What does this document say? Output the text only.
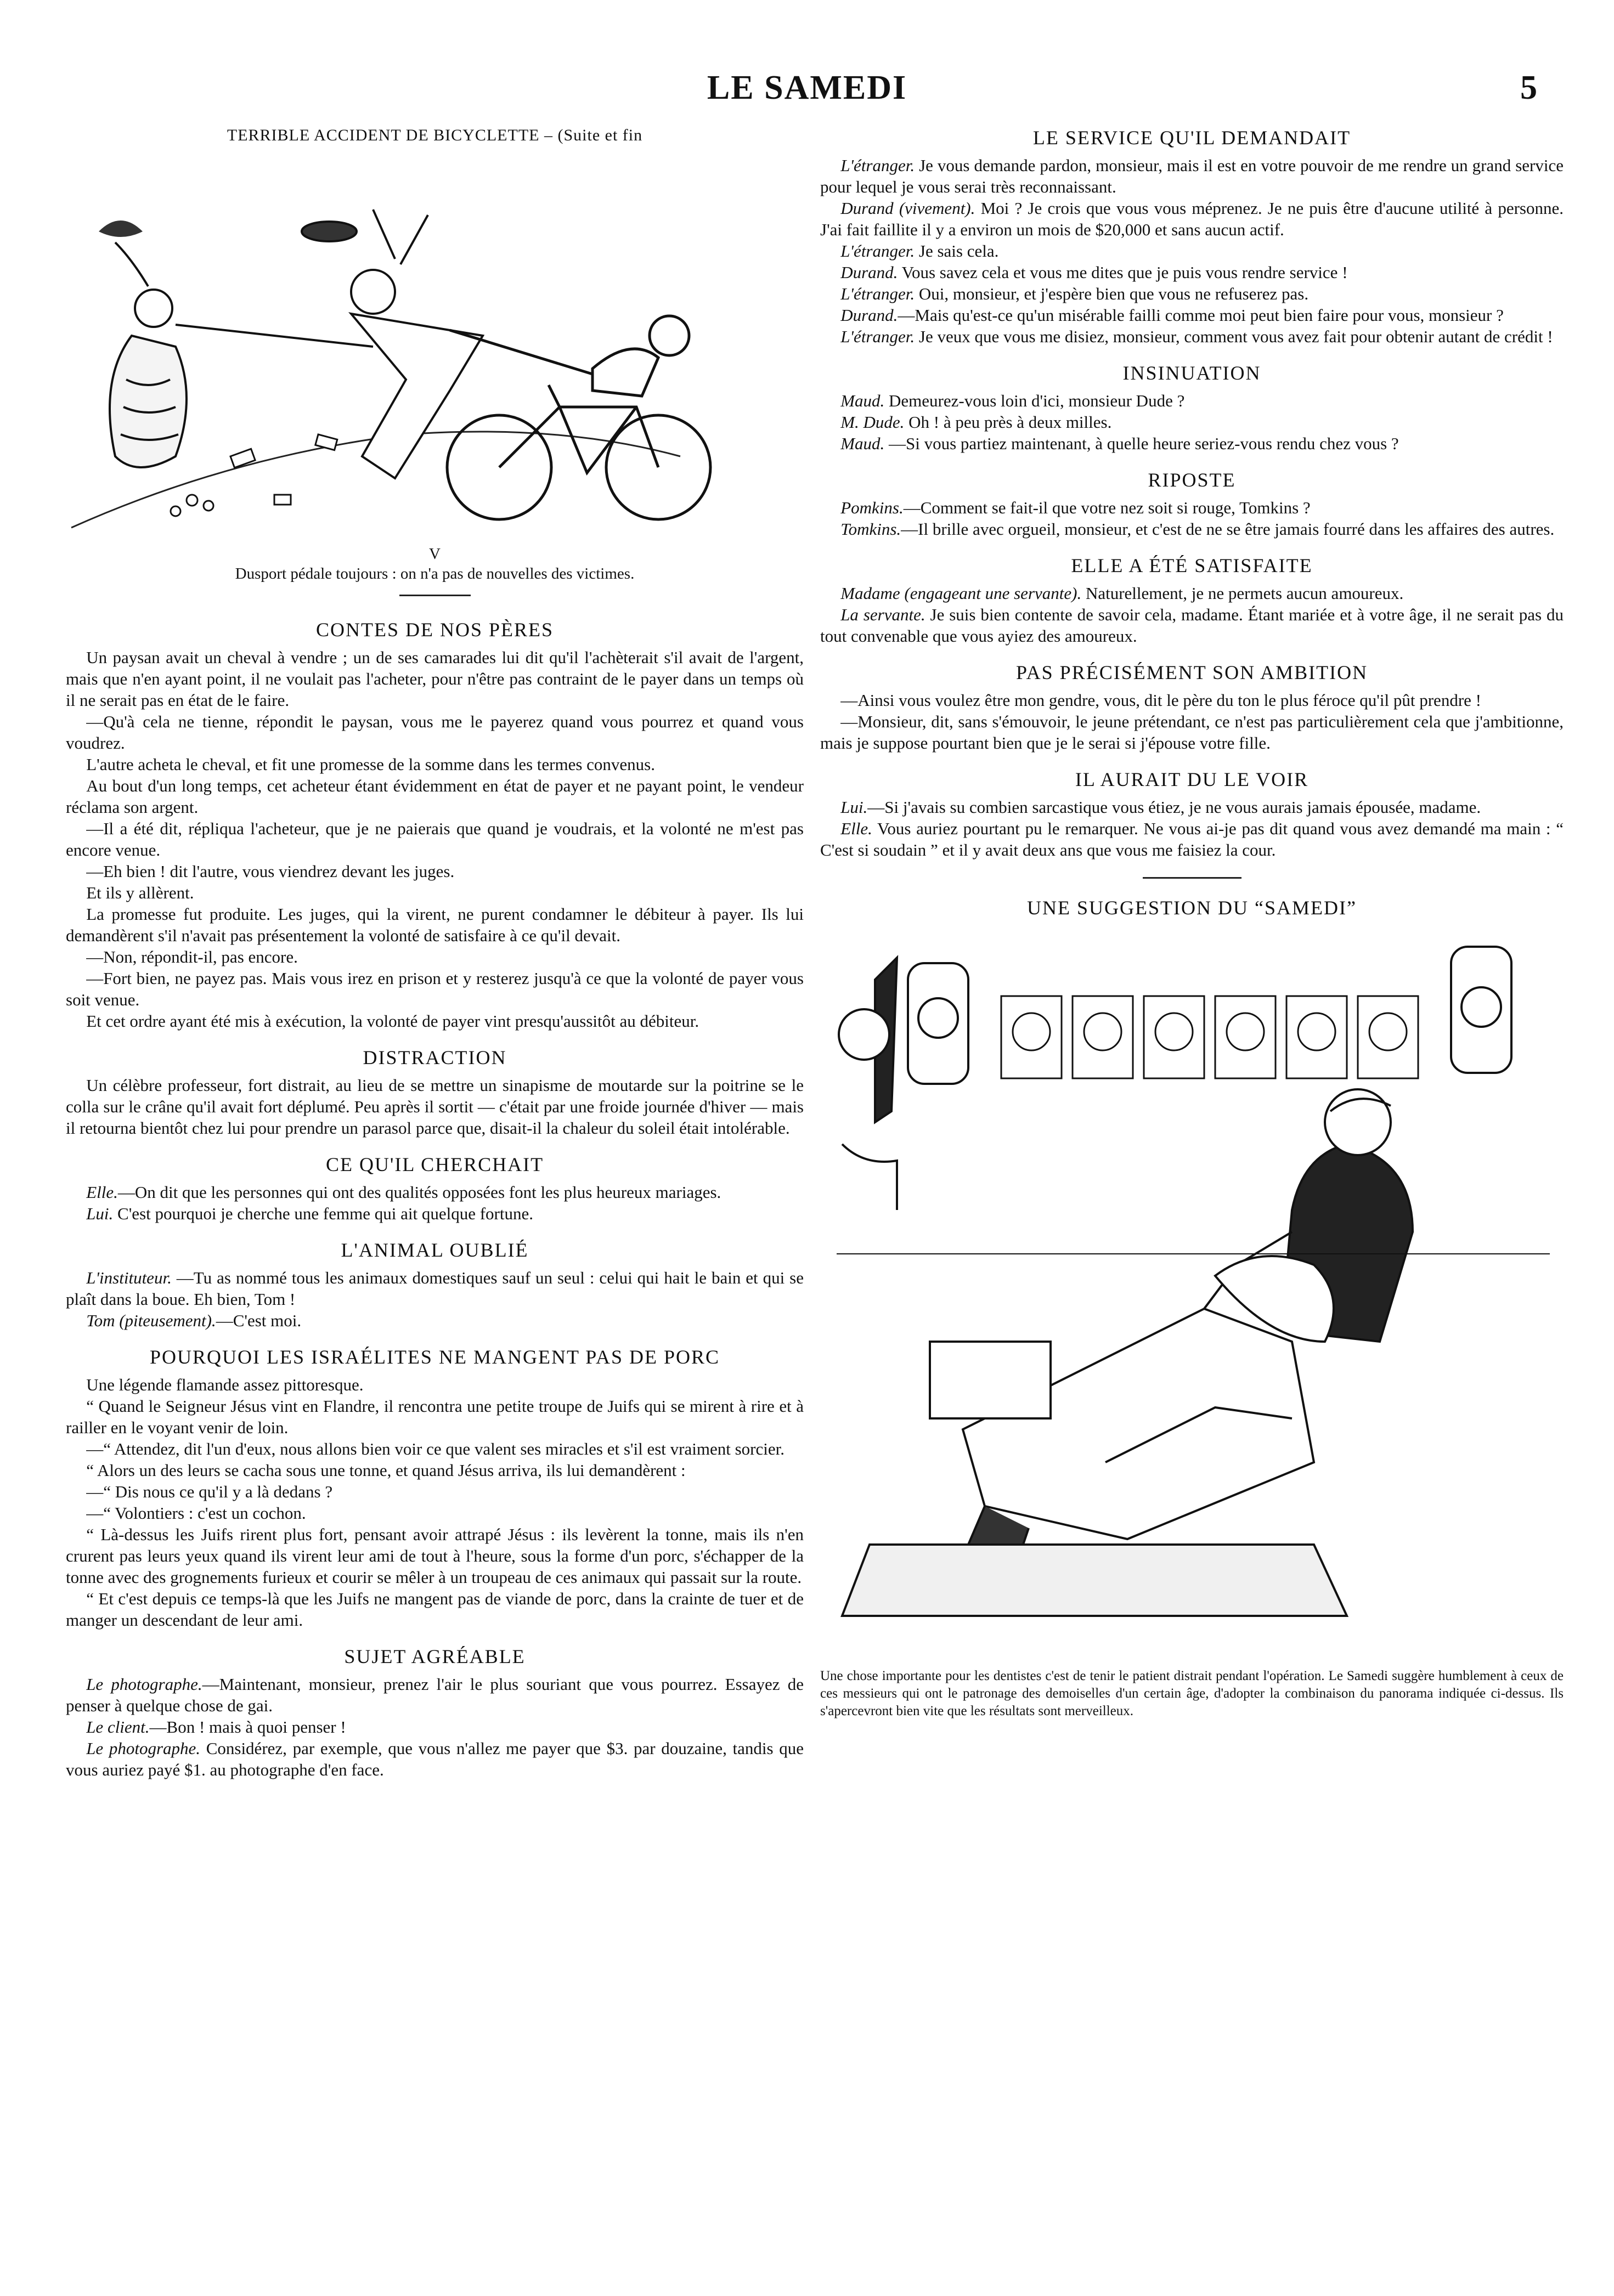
LE SAMEDI	5
TERRIBLE ACCIDENT DE BICYCLETTE – (Suite et fin
V
Dusport pédale toujours : on n'a pas de nouvelles des victimes.
CONTES DE NOS PÈRES

Un paysan avait un cheval à vendre ; un de ses camarades lui dit qu'il l'achèterait s'il avait de l'argent, mais que n'en ayant point, il ne voulait pas l'acheter, pour n'être pas contraint de le payer dans un temps où il ne serait pas en état de le faire.

—Qu'à cela ne tienne, répondit le paysan, vous me le payerez quand vous pourrez et quand vous voudrez.

L'autre acheta le cheval, et fit une promesse de la somme dans les termes convenus.

Au bout d'un long temps, cet acheteur étant évidemment en état de payer et ne payant point, le vendeur réclama son argent.

—Il a été dit, répliqua l'acheteur, que je ne paierais que quand je voudrais, et la volonté ne m'est pas encore venue.

—Eh bien ! dit l'autre, vous viendrez devant les juges.

Et ils y allèrent.

La promesse fut produite. Les juges, qui la virent, ne purent condamner le débiteur à payer. Ils lui demandèrent s'il n'avait pas présentement la volonté de satisfaire à ce qu'il devait.

—Non, répondit-il, pas encore.

—Fort bien, ne payez pas. Mais vous irez en prison et y resterez jusqu'à ce que la volonté de payer vous soit venue.

Et cet ordre ayant été mis à exécution, la volonté de payer vint presqu'aussitôt au débiteur.

DISTRACTION

Un célèbre professeur, fort distrait, au lieu de se mettre un sinapisme de moutarde sur la poitrine se le colla sur le crâne qu'il avait fort déplumé. Peu après il sortit — c'était par une froide journée d'hiver — mais il retourna bientôt chez lui pour prendre un parasol parce que, disait-il la chaleur du soleil était intolérable.

CE QU'IL CHERCHAIT

Elle.—On dit que les personnes qui ont des qualités opposées font les plus heureux mariages.

Lui. C'est pourquoi je cherche une femme qui ait quelque fortune.

L'ANIMAL OUBLIÉ

L'instituteur. —Tu as nommé tous les animaux domestiques sauf un seul : celui qui hait le bain et qui se plaît dans la boue. Eh bien, Tom !

Tom (piteusement).—C'est moi.

POURQUOI LES ISRAÉLITES NE MANGENT PAS DE PORC

Une légende flamande assez pittoresque.

“ Quand le Seigneur Jésus vint en Flandre, il rencontra une petite troupe de Juifs qui se mirent à rire et à railler en le voyant venir de loin.

—“ Attendez, dit l'un d'eux, nous allons bien voir ce que valent ses miracles et s'il est vraiment sorcier.

“ Alors un des leurs se cacha sous une tonne, et quand Jésus arriva, ils lui demandèrent :

—“ Dis nous ce qu'il y a là dedans ?

—“ Volontiers : c'est un cochon.

“ Là-dessus les Juifs rirent plus fort, pensant avoir attrapé Jésus : ils levèrent la tonne, mais ils n'en crurent pas leurs yeux quand ils virent leur ami de tout à l'heure, sous la forme d'un porc, s'échapper de la tonne avec des grognements furieux et courir se mêler à un troupeau de ces animaux qui passait sur la route.

“ Et c'est depuis ce temps-là que les Juifs ne mangent pas de viande de porc, dans la crainte de tuer et de manger un descendant de leur ami.

SUJET AGRÉABLE

Le photographe.—Maintenant, monsieur, prenez l'air le plus souriant que vous pourrez. Essayez de penser à quelque chose de gai.

Le client.—Bon ! mais à quoi penser !

Le photographe. Considérez, par exemple, que vous n'allez me payer que $3. par douzaine, tandis que vous auriez payé $1. au photographe d'en face.

LE SERVICE QU'IL DEMANDAIT

L'étranger. Je vous demande pardon, monsieur, mais il est en votre pouvoir de me rendre un grand service pour lequel je vous serai très reconnaissant.

Durand (vivement). Moi ? Je crois que vous vous méprenez. Je ne puis être d'aucune utilité à personne. J'ai fait faillite il y a environ un mois de $20,000 et sans aucun actif.

L'étranger. Je sais cela.

Durand. Vous savez cela et vous me dites que je puis vous rendre service !

L'étranger. Oui, monsieur, et j'espère bien que vous ne refuserez pas.

Durand.—Mais qu'est-ce qu'un misérable failli comme moi peut bien faire pour vous, monsieur ?

L'étranger. Je veux que vous me disiez, monsieur, comment vous avez fait pour obtenir autant de crédit !

INSINUATION

Maud. Demeurez-vous loin d'ici, monsieur Dude ?

M. Dude. Oh ! à peu près à deux milles.

Maud. —Si vous partiez maintenant, à quelle heure seriez-vous rendu chez vous ?

RIPOSTE

Pomkins.—Comment se fait-il que votre nez soit si rouge, Tomkins ?

Tomkins.—Il brille avec orgueil, monsieur, et c'est de ne se être jamais fourré dans les affaires des autres.

ELLE A ÉTÉ SATISFAITE

Madame (engageant une servante). Naturellement, je ne permets aucun amoureux.

La servante. Je suis bien contente de savoir cela, madame. Étant mariée et à votre âge, il ne serait pas du tout convenable que vous ayiez des amoureux.

PAS PRÉCISÉMENT SON AMBITION

—Ainsi vous voulez être mon gendre, vous, dit le père du ton le plus féroce qu'il pût prendre !

—Monsieur, dit, sans s'émouvoir, le jeune prétendant, ce n'est pas particulièrement cela que j'ambitionne, mais je suppose pourtant bien que je le serai si j'épouse votre fille.

IL AURAIT DU LE VOIR

Lui.—Si j'avais su combien sarcastique vous étiez, je ne vous aurais jamais épousée, madame.

Elle. Vous auriez pourtant pu le remarquer. Ne vous ai-je pas dit quand vous avez demandé ma main : “ C'est si soudain ” et il y avait deux ans que vous me faisiez la cour.

UNE SUGGESTION DU “SAMEDI”
Une chose importante pour les dentistes c'est de tenir le patient distrait pendant l'opération. Le Samedi suggère humblement à ceux de ces messieurs qui ont le patronage des demoiselles d'un certain âge, d'adopter la combinaison du panorama indiquée ci-dessus. Ils s'apercevront bien vite que les résultats sont merveilleux.
